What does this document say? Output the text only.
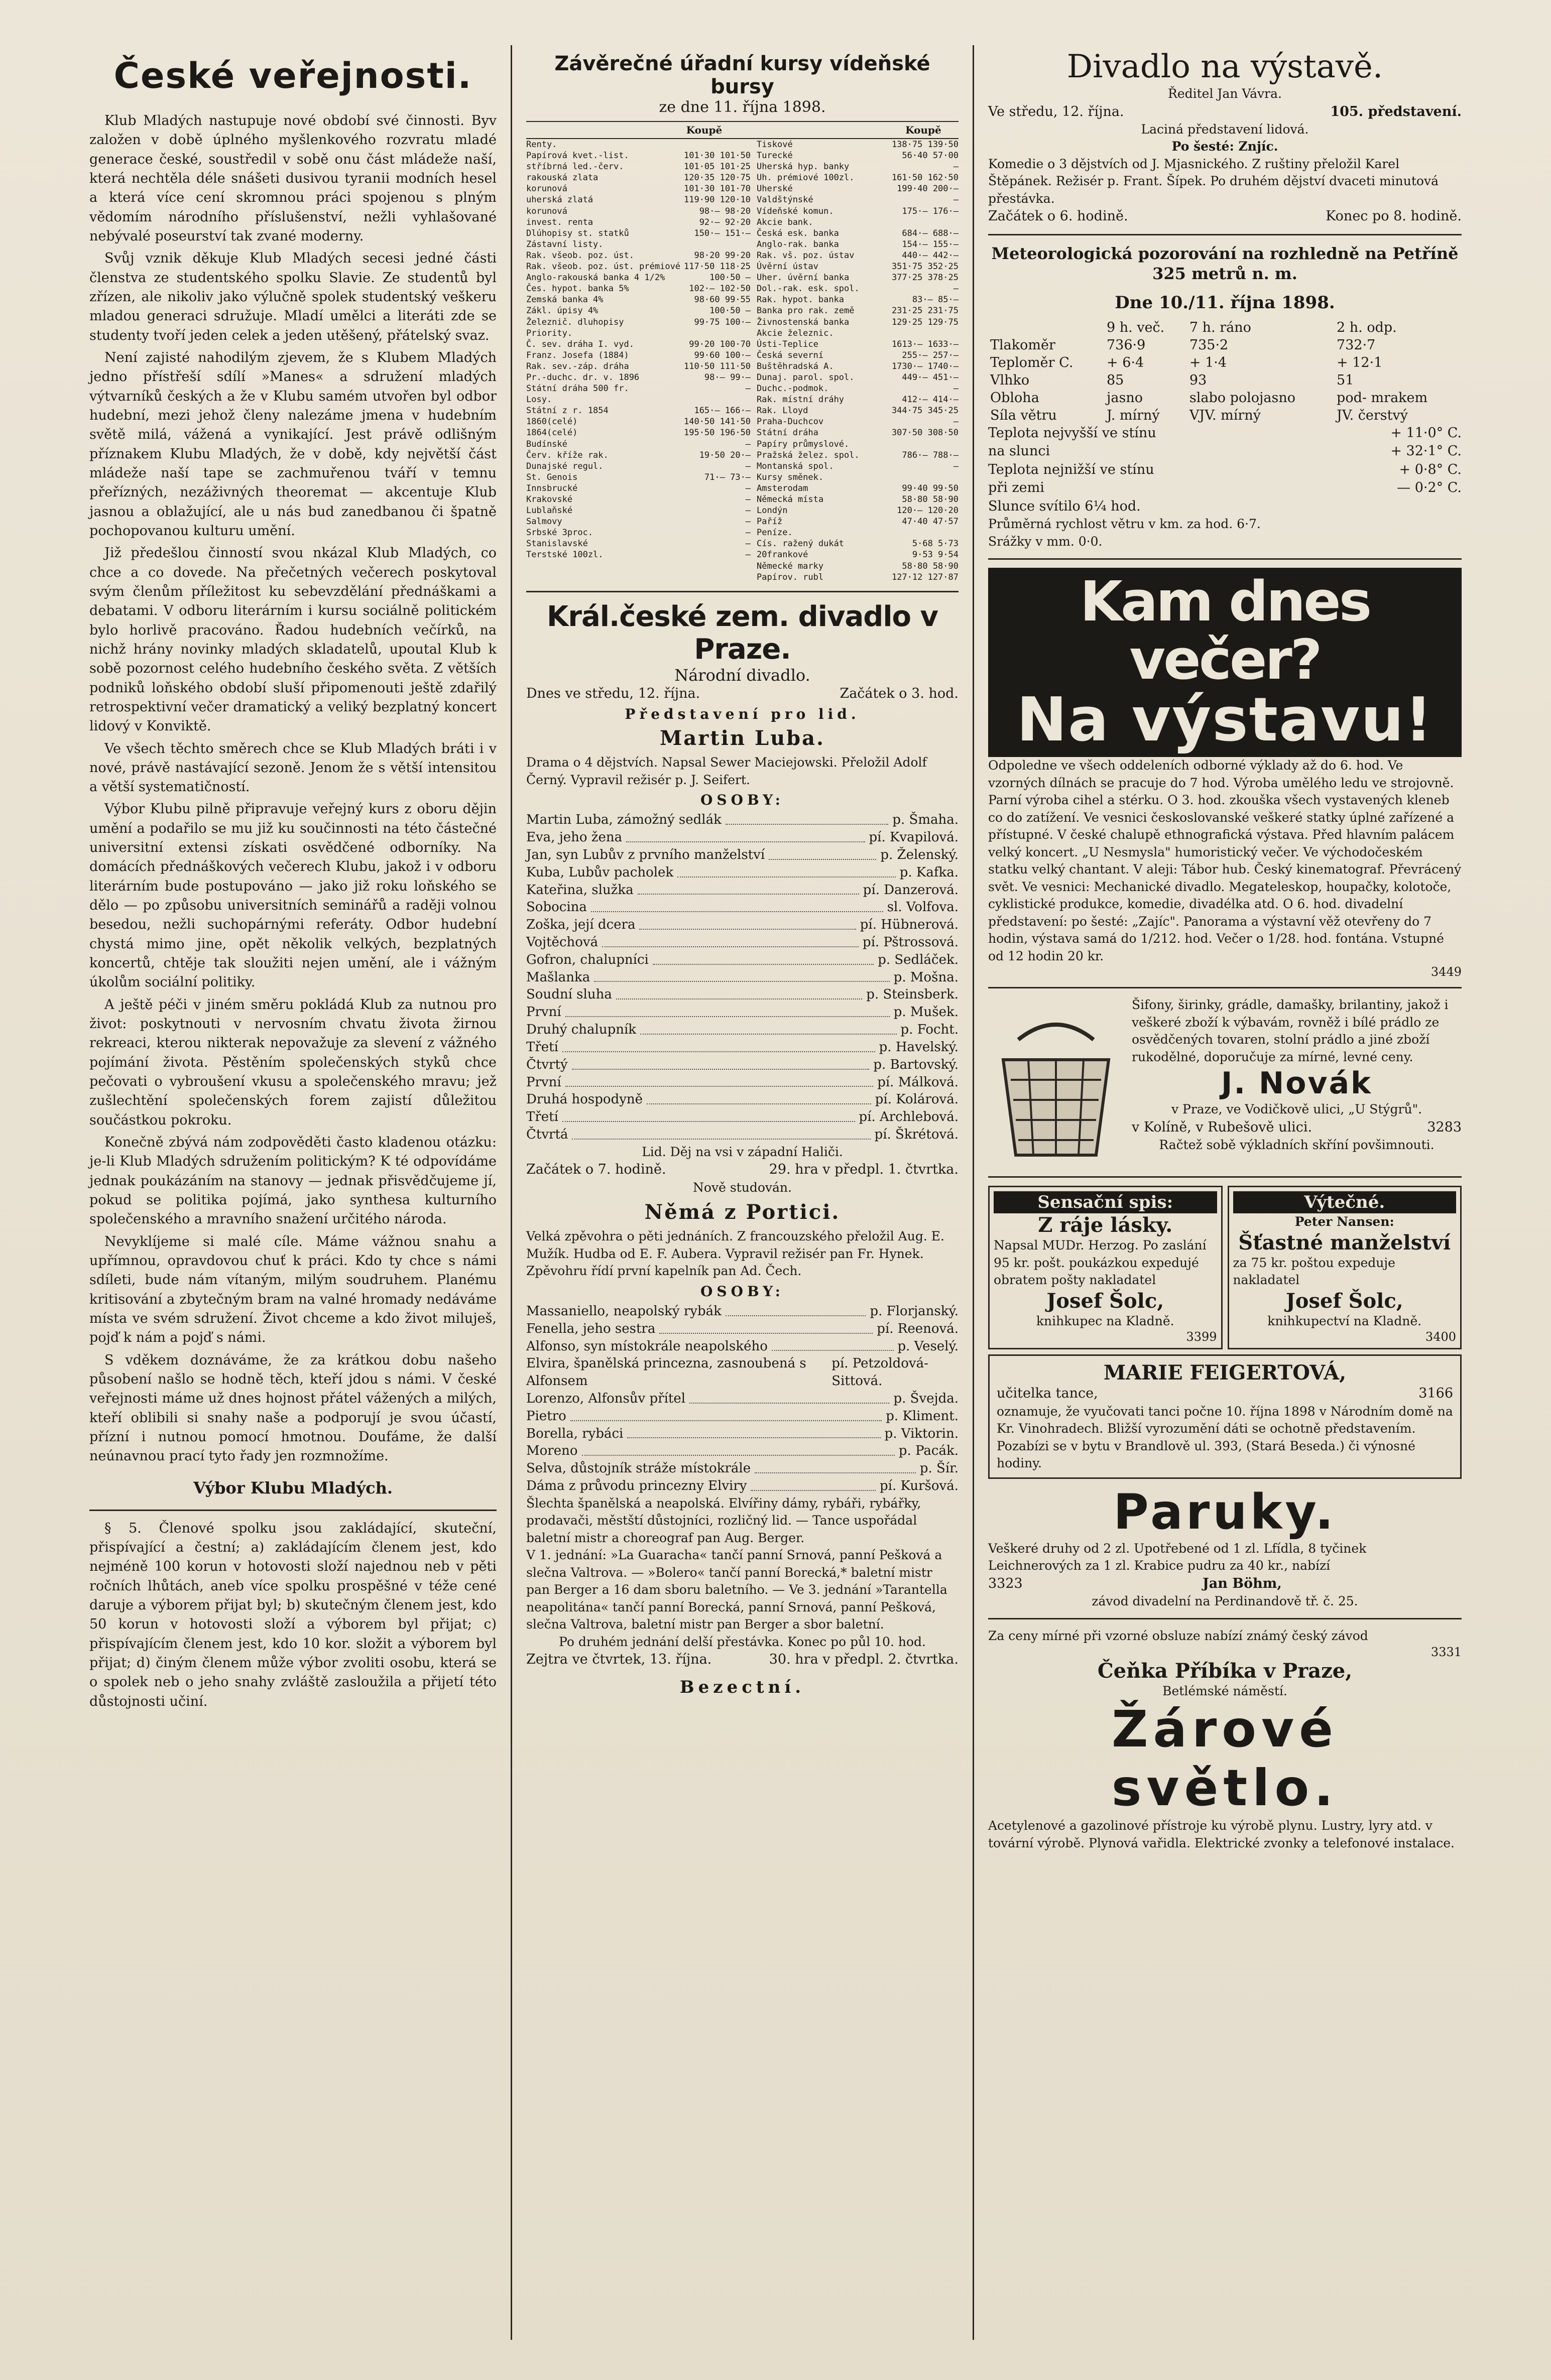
České veřejnosti.

Klub Mladých nastupuje nové období své činnosti. Byv založen v době úplného myšlenkového rozvratu mladé generace české, soustředil v sobě onu část mládeže naší, která nechtěla déle snášeti dusivou tyranii modních hesel a která více cení skromnou práci spojenou s plným vědomím národního příslušenství, nežli vyhlašované nebývalé poseurství tak zvané moderny.

Svůj vznik děkuje Klub Mladých secesi jedné části členstva ze studentského spolku Slavie. Ze studentů byl zřízen, ale nikoliv jako výlučně spolek studentský veškeru mladou generaci sdružuje. Mladí umělci a literáti zde se studenty tvoří jeden celek a jeden utěšený, přátelský svaz.

Není zajisté nahodilým zjevem, že s Klubem Mladých jedno přístřeší sdílí »Manes« a sdružení mladých výtvarníků českých a že v Klubu samém utvořen byl odbor hudební, mezi jehož členy nalezáme jmena v hudebním světě milá, vážená a vynikající. Jest právě odlišným příznakem Klubu Mladých, že v době, kdy největší část mládeže naší tape se zachmuřenou tváří v temnu přeřízných, nezáživných theoremat — akcentuje Klub jasnou a oblažující, ale u nás bud zanedbanou či špatně pochopovanou kulturu umění.

Již předešlou činností svou nkázal Klub Mladých, co chce a co dovede. Na přečetných večerech poskytoval svým členům příležitost ku sebevzdělání přednáškami a debatami. V odboru literárním i kursu sociálně politickém bylo horlivě pracováno. Řadou hudebních večírků, na nichž hrány novinky mladých skladatelů, upoutal Klub k sobě pozornost celého hudebního českého světa. Z větších podniků loňského období sluší připomenouti ještě zdařilý retrospektivní večer dramatický a veliký bezplatný koncert lidový v Konviktě.

Ve všech těchto směrech chce se Klub Mladých bráti i v nové, právě nastávající sezoně. Jenom že s větší intensitou a větší systematičností.

Výbor Klubu pilně připravuje veřejný kurs z oboru dějin umění a podařilo se mu již ku součinnosti na této částečné universitní extensi získati osvědčené odborníky. Na domácích přednáškových večerech Klubu, jakož i v odboru literárním bude postupováno — jako již roku loňského se dělo — po způsobu universitních seminářů a raději volnou besedou, nežli suchopárnými referáty. Odbor hudební chystá mimo jine, opět několik velkých, bezplatných koncertů, chtěje tak sloužiti nejen umění, ale i vážným úkolům sociální politiky.

A ještě péči v jiném směru pokládá Klub za nutnou pro život: poskytnouti v nervosním chvatu života žirnou rekreaci, kterou nikterak nepovažuje za slevení z vážného pojímání života. Pěstěním společenských styků chce pečovati o vybroušení vkusu a společenského mravu; jež zušlechtění společenských forem zajistí důležitou součástkou pokroku.

Konečně zbývá nám zodpověděti často kladenou otázku: je-li Klub Mladých sdružením politickým? K té odpovídáme jednak poukázáním na stanovy — jednak přisvědčujeme jí, pokud se politika pojímá, jako synthesa kulturního společenského a mravního snažení určitého národa.

Nevyklíjeme si malé cíle. Máme vážnou snahu a upřímnou, opravdovou chuť k práci. Kdo ty chce s námi sdíleti, bude nám vítaným, milým soudruhem. Planému kritisování a zbytečným bram na valné hromady nedáváme místa ve svém sdružení. Život chceme a kdo život miluješ, pojď k nám a pojď s námi.

S vděkem doznáváme, že za krátkou dobu našeho působení našlo se hodně těch, kteří jdou s námi. V české veřejnosti máme už dnes hojnost přátel vážených a milých, kteří oblibili si snahy naše a podporují je svou účastí, přízní i nutnou pomocí hmotnou. Doufáme, že další neúnavnou prací tyto řady jen rozmnožíme.

Výbor Klubu Mladých.

§ 5. Členové spolku jsou zakládající, skuteční, přispívající a čestní; a) zakládajícím členem jest, kdo nejméně 100 korun v hotovosti složí najednou neb v pěti ročních lhůtách, aneb více spolku prospěšné v téže cené daruje a výborem přijat byl; b) skutečným členem jest, kdo 50 korun v hotovosti složí a výborem byl přijat; c) přispívajícím členem jest, kdo 10 kor. složit a výborem byl přijat; d) činým členem může výbor zvoliti osobu, která se o spolek neb o jeho snahy zvláště zasloužila a přijetí této důstojnosti učiní.

Závěrečné úřadní kursy vídeňské bursy
ze dne 11. října 1898.
Koupě	Koupě
Renty.
Papírová kvet.-list.	101·30 101·50
stříbrná led.-červ.	101·05 101·25
rakouská zlata	120·35 120·75
korunová	101·30 101·70
uherská zlatá	119·90 120·10
korunová	98·— 98·20
invest. renta	92·— 92·20
Dlúhopisy st. statků	150·— 151·—
Zástavní listy.
Rak. všeob. poz. úst.	98·20 99·20
Rak. všeob. poz. úst. prémiové 117·50 118·25
Anglo-rakouská banka 4 1/2%	100·50 —
Čes. hypot. banka 5%	102·— 102·50
Zemská banka 4%	98·60 99·55
Zákl. úpisy 4%	100·50 —
Železnič. dluhopisy	99·75 100·—
Priority.
Č. sev. dráha I. vyd.	99·20 100·70
Franz. Josefa (1884)	99·60 100·—
Rak. sev.-záp. dráha	110·50 111·50
Pr.-duchc. dr. v. 1896	98·— 99·—
Státní dráha 500 fr.	—
Losy.
Státní z r. 1854	165·— 166·—
1860(celé)	140·50 141·50
1864(celé)	195·50 196·50
Budínské	—
Červ. kříže rak.	19·50 20·—
Dunajské regul.	—
St. Genois	71·— 73·—
Innsbrucké	—
Krakovské	—
Lublaňské	—
Salmovy	—
Srbské 3proc.	—
Stanislavské	—
Terstské 100zl.	—
Tiskové	138·75 139·50
Turecké	56·40 57·00
Uherská hyp. banky	—
Uh. prémiové 100zl.	161·50 162·50
Uherské	199·40 200·—
Valdštýnské	—
Vídeňské komun.	175·— 176·—
Akcie bank.
Česká esk. banka	684·— 688·—
Anglo-rak. banka	154·— 155·—
Rak. vš. poz. ústav	440·— 442·—
Úvěrní ústav	351·75 352·25
Uher. úvěrní banka	377·25 378·25
Dol.-rak. esk. spol.	—
Rak. hypot. banka	83·— 85·—
Banka pro rak. země	231·25 231·75
Živnostenská banka	129·25 129·75
Akcie železnic.
Ústi-Teplice	1613·— 1633·—
Česká severní	255·— 257·—
Buštěhradská A.	1730·— 1740·—
Dunaj. parol. spol.	449·— 451·—
Duchc.-podmok.	—
Rak. místní dráhy	412·— 414·—
Rak. Lloyd	344·75 345·25
Praha-Duchcov	—
Státní dráha	307·50 308·50
Papíry průmyslové.
Pražská želez. spol.	786·— 788·—
Montanská spol.	—
Kursy směnek.
Amsterodam	99·40 99·50
Německá místa	58·80 58·90
Londýn	120·— 120·20
Paříž	47·40 47·57
Peníze.
Cís. ražený dukát	5·68 5·73
20frankové	9·53 9·54
Německé marky	58·80 58·90
Papírov. rubl	127·12 127·87
Král.české zem. divadlo v Praze.
Národní divadlo.
Dnes ve středu, 12. října.	Začátek o 3. hod.
Představení pro lid.
Martin Luba.
Drama o 4 dějstvích. Napsal Sewer Maciejowski. Přeložil Adolf Černý. Vypravil režisér p. J. Seifert.
OSOBY:
Martin Luba, zámožný sedlák	p. Šmaha.
Eva, jeho žena	pí. Kvapilová.
Jan, syn Lubův z prvního manželství	p. Želenský.
Kuba, Lubův pacholek	p. Kafka.
Kateřina, služka	pí. Danzerová.
Sobocina	sl. Volfova.
Zoška, její dcera	pí. Hübnerová.
Vojtěchová	pí. Pštrossová.
Gofron, chalupníci	p. Sedláček.
Mašlanka	p. Mošna.
Soudní sluha	p. Steinsberk.
První	p. Mušek.
Druhý chalupník	p. Focht.
Třetí	p. Havelský.
Čtvrtý	p. Bartovský.
První	pí. Málková.
Druhá hospodyně	pí. Kolárová.
Třetí	pí. Archlebová.
Čtvrtá	pí. Škrétová.
Lid. Děj na vsi v západní Haliči.
Začátek o 7. hodině.	29. hra v předpl. 1. čtvrtka.
Nově studován.
Němá z Portici.
Velká zpěvohra o pěti jednáních. Z francouzského přeložil Aug. E. Mužík. Hudba od E. F. Aubera. Vypravil režisér pan Fr. Hynek. Zpěvohru řídí první kapelník pan Ad. Čech.
OSOBY:
Massaniello, neapolský rybák	p. Florjanský.
Fenella, jeho sestra	pí. Reenová.
Alfonso, syn místokrále neapolského	p. Veselý.
Elvira, španělská princezna, zasnoubená s Alfonsem
pí. Petzoldová-Sittová.
Lorenzo, Alfonsův přítel	p. Švejda.
Pietro	p. Kliment.
Borella, rybáci	p. Viktorin.
Moreno	p. Pacák.
Selva, důstojník stráže místokrále	p. Šír.
Dáma z průvodu princezny Elviry	pí. Kuršová.
Šlechta španělská a neapolská. Elvířiny dámy, rybáři, rybářky, prodavači, městští důstojníci, rozličný lid. — Tance uspořádal baletní mistr a choreograf pan Aug. Berger.
V 1. jednání: »La Guaracha« tančí panní Srnová, panní Pešková a slečna Valtrova. — »Bolero« tančí panní Borecká,* baletní mistr pan Berger a 16 dam sboru baletního. — Ve 3. jednání »Tarantella neapolitána« tančí panní Borecká, panní Srnová, panní Pešková, slečna Valtrova, baletní mistr pan Berger a sbor baletní.
Po druhém jednání delší přestávka. Konec po půl 10. hod.
Zejtra ve čtvrtek, 13. října.	30. hra v předpl. 2. čtvrtka.
Bezectní.
Divadlo na výstavě.
Ředitel Jan Vávra.
Ve středu, 12. října.	105. představení.
Laciná představení lidová.
Po šesté: Znjíc.
Komedie o 3 dějstvích od J. Mjasnického. Z ruštiny přeložil Karel Štěpánek. Režisér p. Frant. Šípek. Po druhém dějství dvaceti minutová přestávka.
Začátek o 6. hodině.	Konec po 8. hodině.
Meteorologická pozorování na rozhledně na Petříně 325 metrů n. m.
Dne 10./11. října 1898.
	9 h. več.	7 h. ráno	2 h. odp.
Tlakoměr	736·9	735·2	732·7
Teploměr C.	+ 6·4	+ 1·4	+ 12·1
Vlhko	85	93	51
Obloha	jasno	slabo polojasno	pod- mrakem
Síla větru	J. mírný	VJV. mírný	JV. čerstvý
Teplota nejvyšší ve stínu	+ 11·0° C.
na slunci	+ 32·1° C.
Teplota nejnižší ve stínu	+ 0·8° C.
při zemi	— 0·2° C.
Slunce svítilo 6¼ hod.
Průměrná rychlost větru v km. za hod. 6·7.
Srážky v mm. 0·0.
Kam dnes večer?
Na výstavu!
Odpoledne ve všech oddeleních odborné výklady až do 6. hod. Ve vzorných dílnách se pracuje do 7 hod. Výroba umělého ledu ve strojovně. Parní výroba cihel a stérku. O 3. hod. zkouška všech vystavených kleneb co do zatížení. Ve vesnici českoslovanské veškeré statky úplné zařízené a přístupné. V české chalupě ethnografická výstava. Před hlavním palácem velký koncert. „U Nesmysla" humoristický večer. Ve východočeském statku velký chantant. V aleji: Tábor hub. Český kinematograf. Převrácený svět. Ve vesnici: Mechanické divadlo. Megateleskop, houpačky, kolotoče, cyklistické produkce, komedie, divadélka atd. O 6. hod. divadelní představení: po šesté: „Zajíc". Panorama a výstavní věž otevřeny do 7 hodin, výstava samá do 1/212. hod. Večer o 1/28. hod. fontána. Vstupné od 12 hodin 20 kr.
3449
Šifony, širinky, grádle, damašky, brilantiny, jakož i veškeré zboží k výbavám, rovněž i bílé prádlo ze osvědčených tovaren, stolní prádlo a jiné zboží rukodělné, doporučuje za mírné, levné ceny.
J. Novák
v Praze, ve Vodičkově ulici, „U Stýgrů".
v Kolíně, v Rubešově ulici.	3283
Račtež sobě výkladních skříní povšimnouti.
Sensační spis:
Z ráje lásky.
Napsal MUDr. Herzog. Po zaslání 95 kr. pošt. poukázkou expedujé obratem pošty nakladatel
Josef Šolc,
knihkupec na Kladně.
3399
Výtečné.
Peter Nansen:
Šťastné manželství
za 75 kr. poštou expeduje nakladatel
Josef Šolc,
knihkupectví na Kladně.
3400
MARIE FEIGERTOVÁ,
učitelka tance,	3166
oznamuje, že vyučovati tanci počne 10. října 1898 v Národním domě na Kr. Vinohradech. Bližší vyrozumění dáti se ochotně představením. Pozabízi se v bytu v Brandlově ul. 393, (Stará Beseda.) či výnosné hodiny.
Paruky.
Veškeré druhy od 2 zl. Upotřebené od 1 zl. Lfídla, 8 tyčinek Leichnerových za 1 zl. Krabice pudru za 40 kr., nabízí
3323	Jan Böhm,
závod divadelní na Perdinandově tř. č. 25.
Za ceny mírné při vzorné obsluze nabízí známý český závod
3331
Čeňka Příbíka v Praze,
Betlémské náměstí.
Žárové světlo.
Acetylenové a gazolinové přístroje ku výrobě plynu. Lustry, lyry atd. v tovární výrobě. Plynová vařidla. Elektrické zvonky a telefonové instalace.
